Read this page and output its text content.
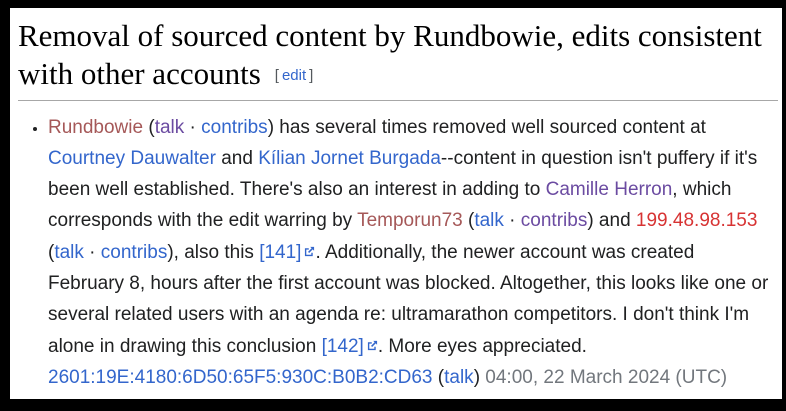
Removal of sourced content by Rundbowie, edits consistent with other accounts [ edit ]
• Rundbowie (talk · contribs) has several times removed well sourced content at Courtney Dauwalter and Kílian Jornet Burgada--content in question isn't puffery if it's been well established. There's also an interest in adding to Camille Herron, which corresponds with the edit warring by Temporun73 (talk · contribs) and 199.48.98.153 (talk · contribs), also this [141] . Additionally, the newer account was created February 8, hours after the first account was blocked. Altogether, this looks like one or several related users with an agenda re: ultramarathon competitors. I don't think I'm alone in drawing this conclusion [142] . More eyes appreciated. 2601:19E:4180:6D50:65F5:930C:B0B2:CD63 (talk) 04:00, 22 March 2024 (UTC)
